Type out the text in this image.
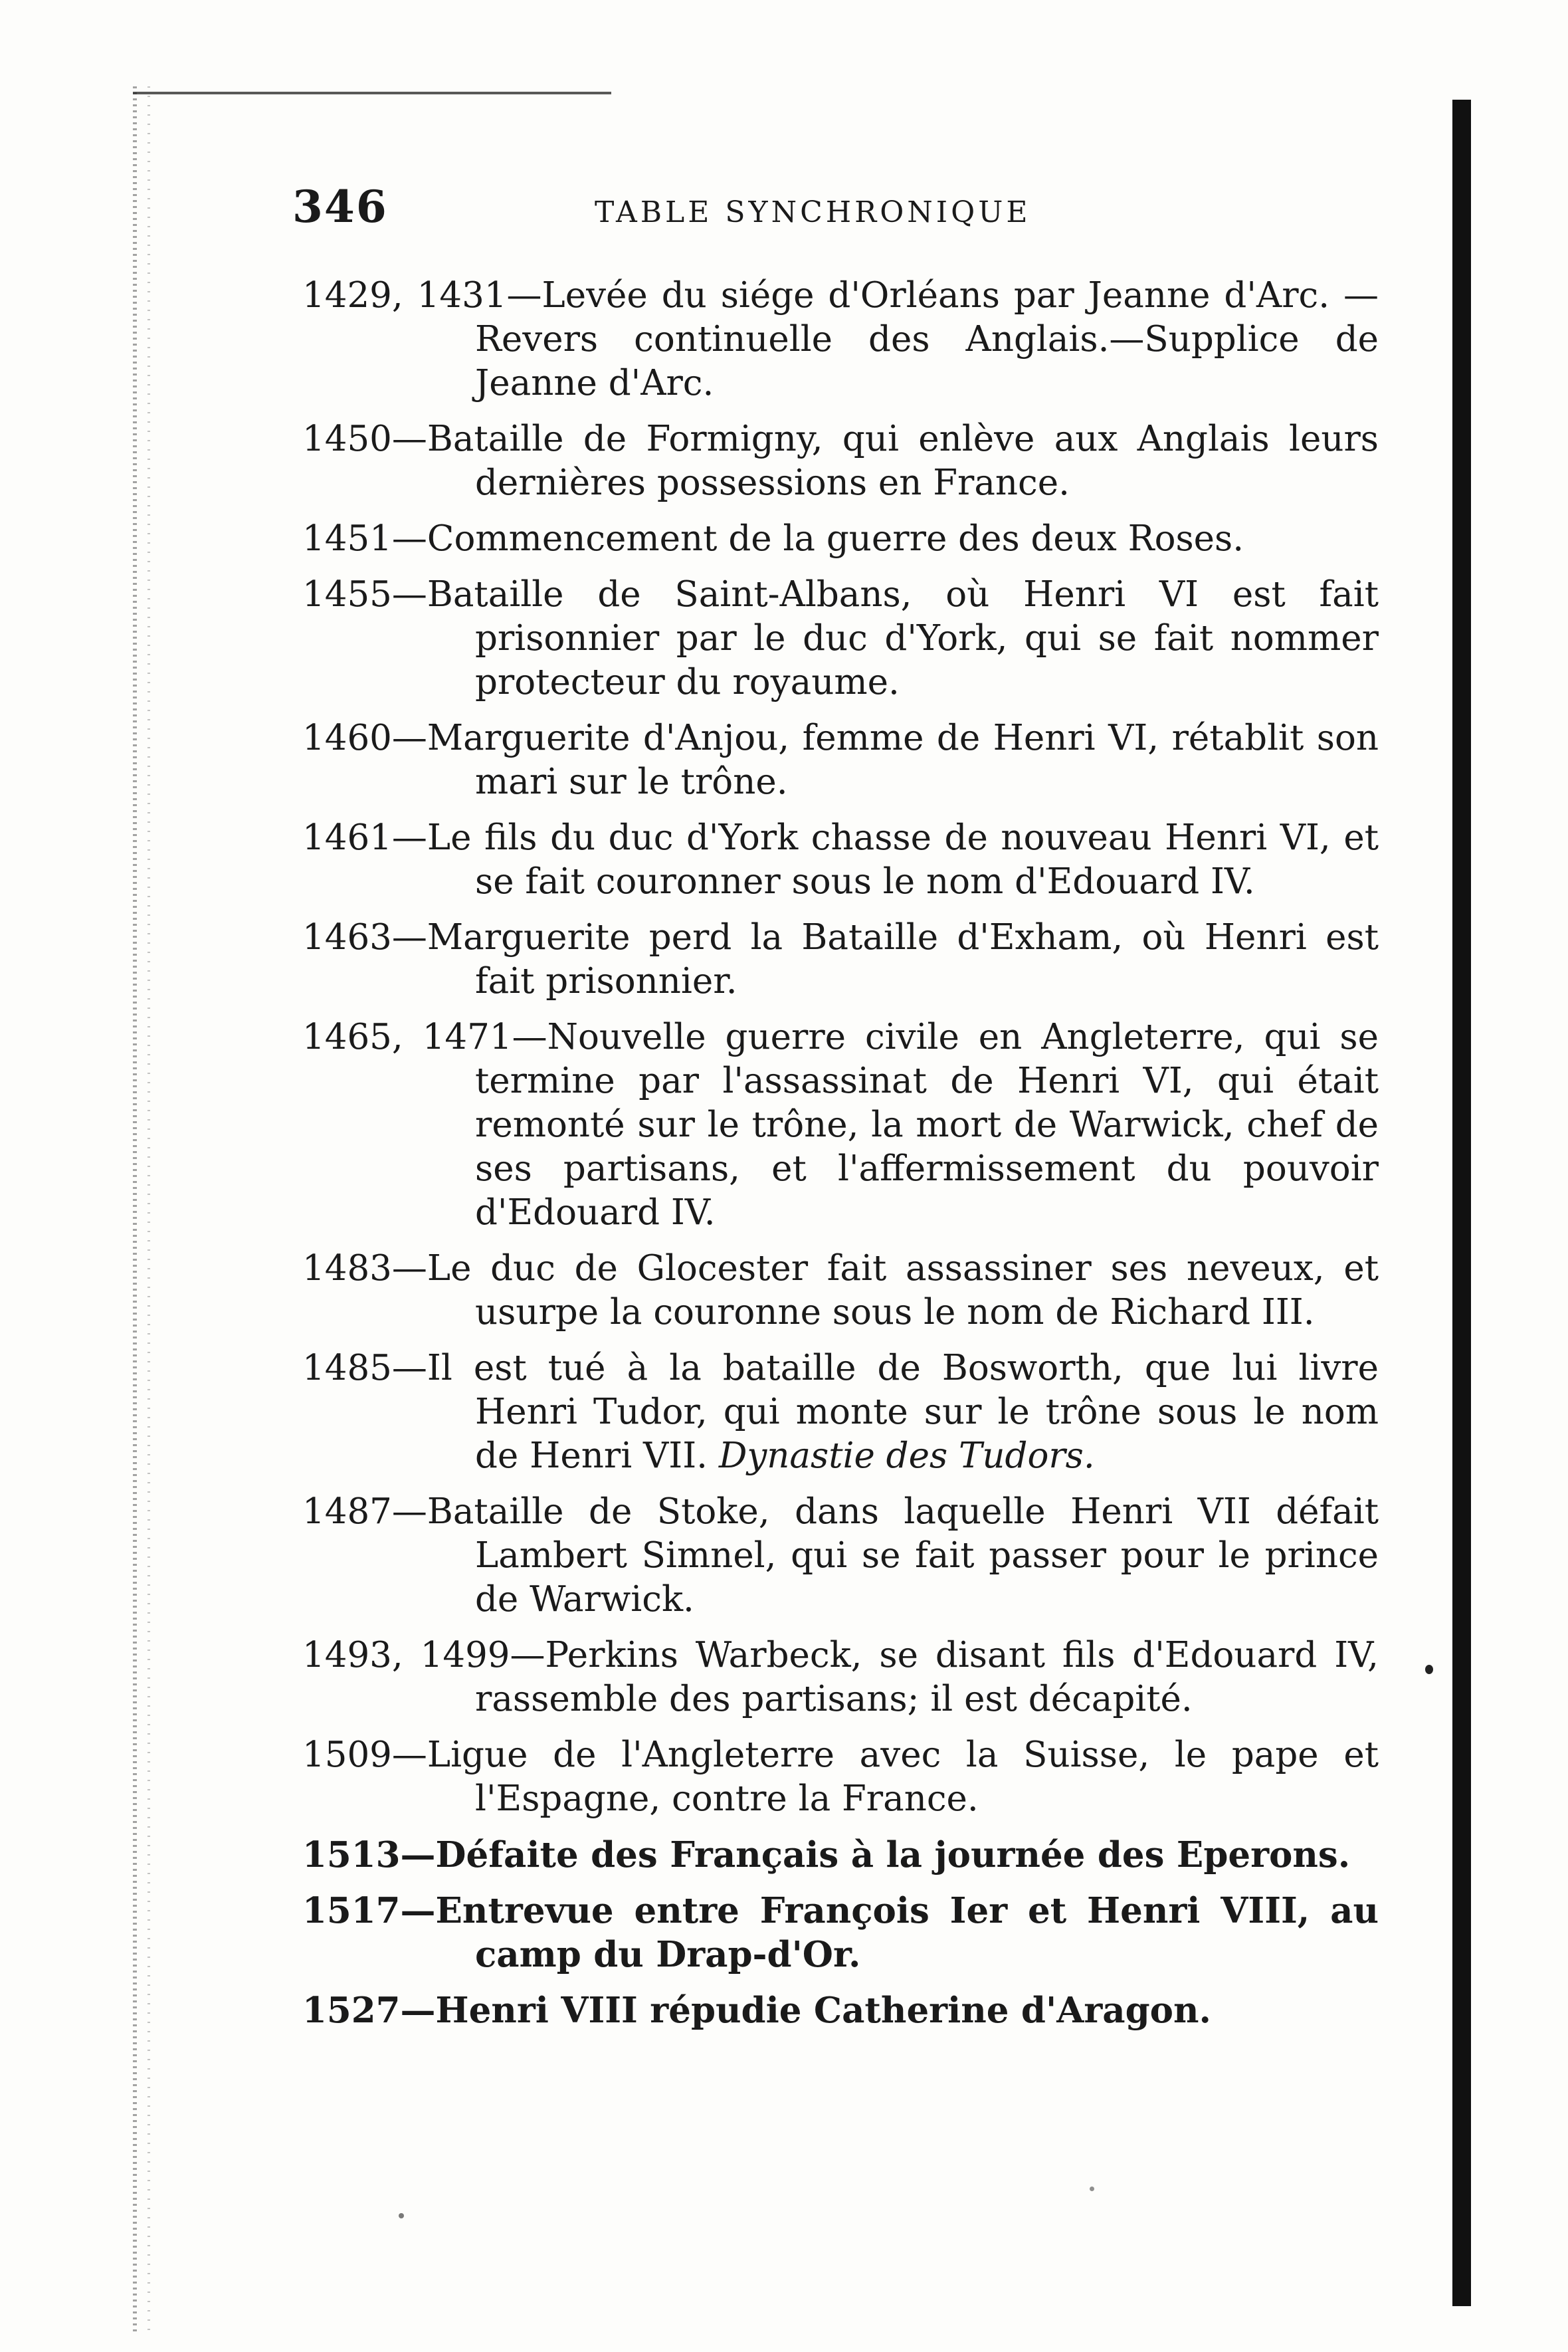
346	TABLE SYNCHRONIQUE

1429, 1431—Levée du siége d'Orléans par Jeanne d'Arc. —Revers continuelle des Anglais.—Supplice de Jeanne d'Arc.

1450—Bataille de Formigny, qui enlève aux Anglais leurs dernières possessions en France.

1451—Commencement de la guerre des deux Roses.

1455—Bataille de Saint-Albans, où Henri VI est fait prisonnier par le duc d'York, qui se fait nommer protecteur du royaume.

1460—Marguerite d'Anjou, femme de Henri VI, rétablit son mari sur le trône.

1461—Le fils du duc d'York chasse de nouveau Henri VI, et se fait couronner sous le nom d'Edouard IV.

1463—Marguerite perd la Bataille d'Exham, où Henri est fait prisonnier.

1465, 1471—Nouvelle guerre civile en Angleterre, qui se termine par l'assassinat de Henri VI, qui était remonté sur le trône, la mort de Warwick, chef de ses partisans, et l'affermissement du pouvoir d'Edouard IV.

1483—Le duc de Glocester fait assassiner ses neveux, et usurpe la couronne sous le nom de Richard III.

1485—Il est tué à la bataille de Bosworth, que lui livre Henri Tudor, qui monte sur le trône sous le nom de Henri VII. Dynastie des Tudors.

1487—Bataille de Stoke, dans laquelle Henri VII défait Lambert Simnel, qui se fait passer pour le prince de Warwick.

1493, 1499—Perkins Warbeck, se disant fils d'Edouard IV, rassemble des partisans; il est décapité.

1509—Ligue de l'Angleterre avec la Suisse, le pape et l'Espagne, contre la France.

1513—Défaite des Français à la journée des Eperons.

1517—Entrevue entre François Ier et Henri VIII, au camp du Drap-d'Or.

1527—Henri VIII répudie Catherine d'Aragon.
